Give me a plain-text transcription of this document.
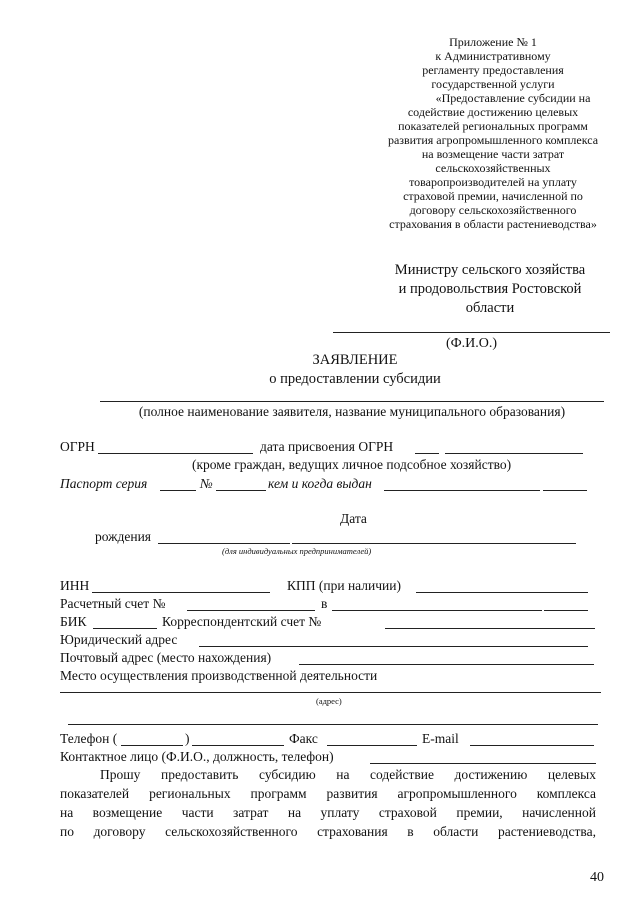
Приложение № 1
к Административному
регламенту предоставления
государственной услуги
«Предоставление субсидии на
содействие достижению целевых
показателей региональных программ
развития агропромышленного комплекса
на возмещение части затрат
сельскохозяйственных
товаропроизводителей на уплату
страховой премии, начисленной по
договору сельскохозяйственного
страхования в области растениеводства»
Министру сельского хозяйства
и продовольствия Ростовской
области
(Ф.И.О.)
ЗАЯВЛЕНИЕ
о предоставлении субсидии
(полное наименование заявителя, название муниципального образования)
ОГРН	дата присвоения ОГРН
(кроме граждан, ведущих личное подсобное хозяйство)
Паспорт серия	№	кем и когда выдан
Дата
рождения
(для индивидуальных предпринимателей)
ИНН	КПП (при наличии)
Расчетный счет №	в
БИК	Корреспондентский счет №
Юридический адрес
Почтовый адрес (место нахождения)
Место осуществления производственной деятельности
(адрес)
Телефон (	)	Факс	E-mail
Контактное лицо (Ф.И.О., должность, телефон)
Прошу предоставить субсидию на содействие достижению целевых
показателей региональных программ развития агропромышленного комплекса
на возмещение части затрат на уплату страховой премии, начисленной
по договору сельскохозяйственного страхования в области растениеводства,
40
